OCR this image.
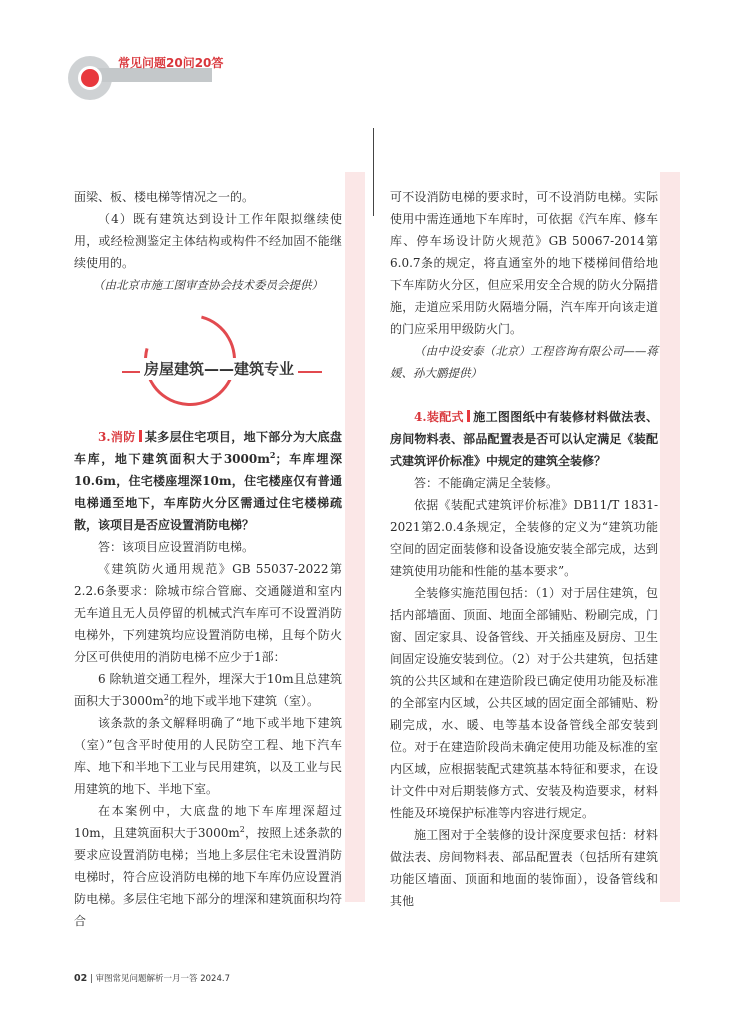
常见问题20问20答

面梁、板、楼电梯等情况之一的。

（4）既有建筑达到设计工作年限拟继续使用，或经检测鉴定主体结构或构件不经加固不能继续使用的。

（由北京市施工图审查协会技术委员会提供）

房屋建筑——建筑专业

3.消防 某多层住宅项目，地下部分为大底盘车库，地下建筑面积大于$3000m^2$；车库埋深10.6m，住宅楼座埋深10m，住宅楼座仅有普通电梯通至地下，车库防火分区需通过住宅楼梯疏散，该项目是否应设置消防电梯？

答：该项目应设置消防电梯。

《建筑防火通用规范》GB 55037-2022第2.2.6条要求：除城市综合管廊、交通隧道和室内无车道且无人员停留的机械式汽车库可不设置消防电梯外，下列建筑均应设置消防电梯，且每个防火分区可供使用的消防电梯不应少于1部：

6 除轨道交通工程外，埋深大于10m且总建筑面积大于$3000m^2$的地下或半地下建筑（室）。

该条款的条文解释明确了“地下或半地下建筑（室）”包含平时使用的人民防空工程、地下汽车库、地下和半地下工业与民用建筑，以及工业与民用建筑的地下、半地下室。

在本案例中，大底盘的地下车库埋深超过10m，且建筑面积大于$3000m^2$，按照上述条款的要求应设置消防电梯；当地上多层住宅未设置消防电梯时，符合应设消防电梯的地下车库仍应设置消防电梯。多层住宅地下部分的埋深和建筑面积均符合

可不设消防电梯的要求时，可不设消防电梯。实际使用中需连通地下车库时，可依据《汽车库、修车库、停车场设计防火规范》GB 50067-2014第6.0.7条的规定，将直通室外的地下楼梯间借给地下车库防火分区，但应采用安全合规的防火分隔措施，走道应采用防火隔墙分隔，汽车库开向该走道的门应采用甲级防火门。

（由中设安泰（北京）工程咨询有限公司——蒋媛、孙大鹏提供）

4.装配式 施工图图纸中有装修材料做法表、房间物料表、部品配置表是否可以认定满足《装配式建筑评价标准》中规定的建筑全装修？

答：不能确定满足全装修。

依据《装配式建筑评价标准》DB11/T 1831-2021第2.0.4条规定，全装修的定义为“建筑功能空间的固定面装修和设备设施安装全部完成，达到建筑使用功能和性能的基本要求”。

全装修实施范围包括：（1）对于居住建筑，包括内部墙面、顶面、地面全部铺贴、粉刷完成，门窗、固定家具、设备管线、开关插座及厨房、卫生间固定设施安装到位。（2）对于公共建筑，包括建筑的公共区域和在建造阶段已确定使用功能及标准的全部室内区域，公共区域的固定面全部铺贴、粉刷完成，水、暖、电等基本设备管线全部安装到位。对于在建造阶段尚未确定使用功能及标准的室内区域，应根据装配式建筑基本特征和要求，在设计文件中对后期装修方式、安装及构造要求，材料性能及环境保护标准等内容进行规定。

施工图对于全装修的设计深度要求包括：材料做法表、房间物料表、部品配置表（包括所有建筑功能区墙面、顶面和地面的装饰面），设备管线和其他

02 | 审图常见问题解析一月一答 2024.7
